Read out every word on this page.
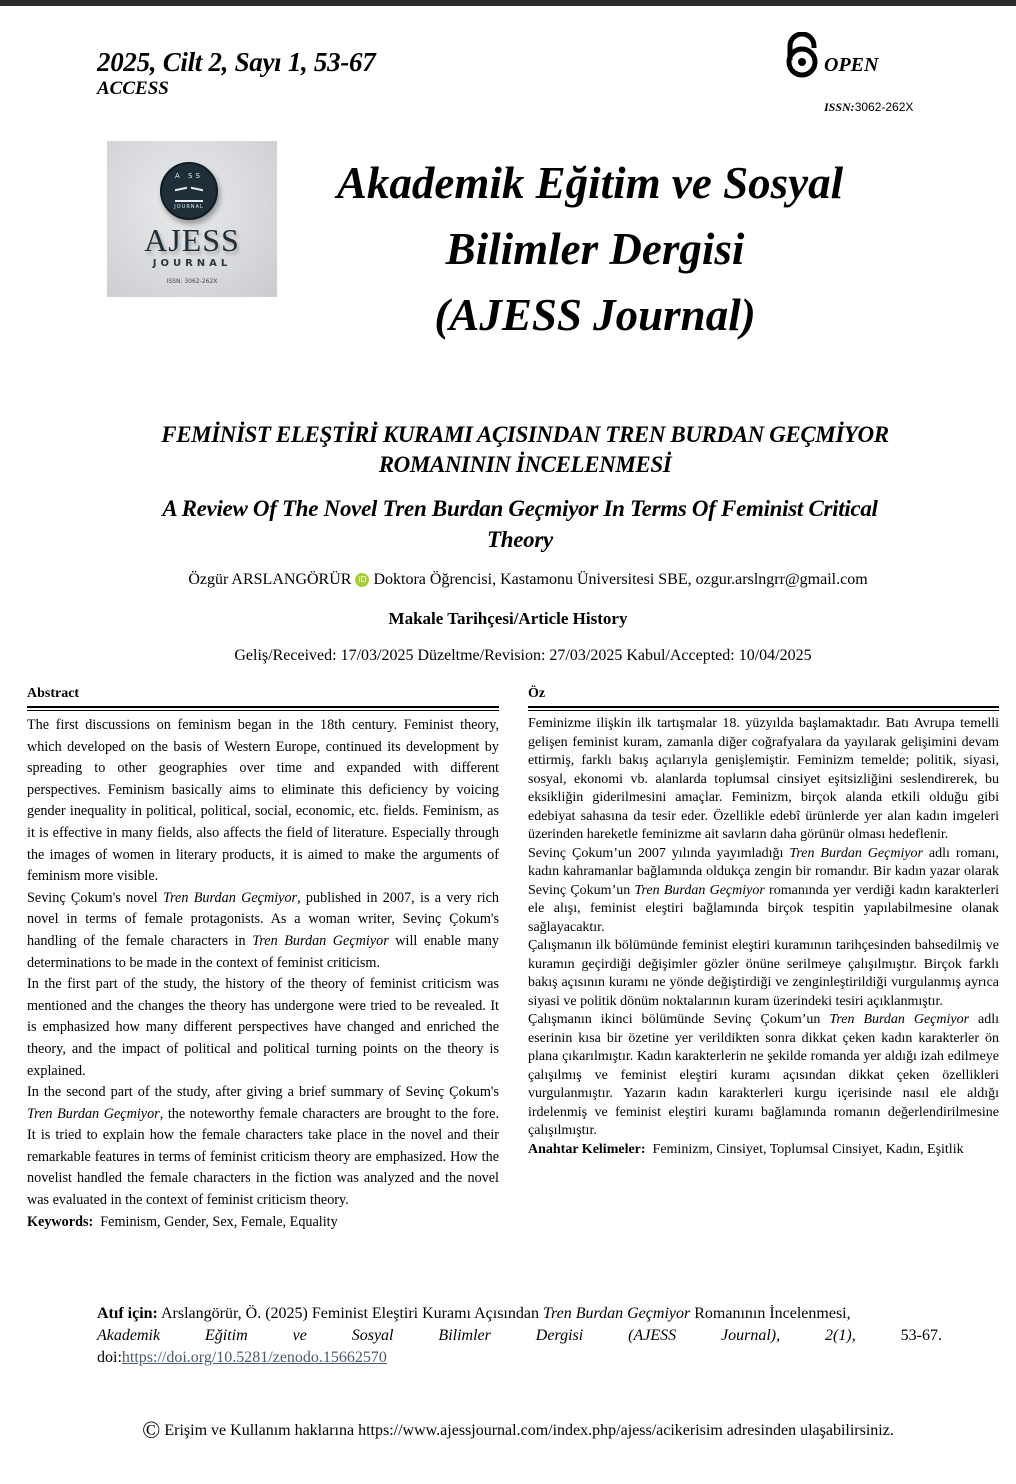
2025, Cilt 2, Sayı 1, 53-67
ACCESS
OPEN
ISSN:3062-262X
A SS
JOURNAL
AJESS
JOURNAL
ISSN: 3062-262X
Akademik Eğitim ve Sosyal
Bilimler Dergisi
(AJESS Journal)
FEMİNİST ELEŞTİRİ KURAMI AÇISINDAN TREN BURDAN GEÇMİYOR
ROMANININ İNCELENMESİ
A Review Of The Novel Tren Burdan Geçmiyor In Terms Of Feminist Critical
Theory
Özgür ARSLANGÖRÜR iD Doktora Öğrencisi, Kastamonu Üniversitesi SBE, ozgur.arslngrr@gmail.com
Makale Tarihçesi/Article History
Geliş/Received: 17/03/2025 Düzeltme/Revision: 27/03/2025 Kabul/Accepted: 10/04/2025
Abstract

The first discussions on feminism began in the 18th century. Feminist theory, which developed on the basis of Western Europe, continued its development by spreading to other geographies over time and expanded with different perspectives. Feminism basically aims to eliminate this deficiency by voicing gender inequality in political, political, social, economic, etc. fields. Feminism, as it is effective in many fields, also affects the field of literature. Especially through the images of women in literary products, it is aimed to make the arguments of feminism more visible.

Sevinç Çokum's novel Tren Burdan Geçmiyor, published in 2007, is a very rich novel in terms of female protagonists. As a woman writer, Sevinç Çokum's handling of the female characters in Tren Burdan Geçmiyor will enable many determinations to be made in the context of feminist criticism.

In the first part of the study, the history of the theory of feminist criticism was mentioned and the changes the theory has undergone were tried to be revealed. It is emphasized how many different perspectives have changed and enriched the theory, and the impact of political and political turning points on the theory is explained.

In the second part of the study, after giving a brief summary of Sevinç Çokum's Tren Burdan Geçmiyor, the noteworthy female characters are brought to the fore. It is tried to explain how the female characters take place in the novel and their remarkable features in terms of feminist criticism theory are emphasized. How the novelist handled the female characters in the fiction was analyzed and the novel was evaluated in the context of feminist criticism theory.

Keywords: Feminism, Gender, Sex, Female, Equality

Öz

Feminizme ilişkin ilk tartışmalar 18. yüzyılda başlamaktadır. Batı Avrupa temelli gelişen feminist kuram, zamanla diğer coğrafyalara da yayılarak gelişimini devam ettirmiş, farklı bakış açılarıyla genişlemiştir. Feminizm temelde; politik, siyasi, sosyal, ekonomi vb. alanlarda toplumsal cinsiyet eşitsizliğini seslendirerek, bu eksikliğin giderilmesini amaçlar. Feminizm, birçok alanda etkili olduğu gibi edebiyat sahasına da tesir eder. Özellikle edebî ürünlerde yer alan kadın imgeleri üzerinden hareketle feminizme ait savların daha görünür olması hedeflenir.

Sevinç Çokum’un 2007 yılında yayımladığı Tren Burdan Geçmiyor adlı romanı, kadın kahramanlar bağlamında oldukça zengin bir romandır. Bir kadın yazar olarak Sevinç Çokum’un Tren Burdan Geçmiyor romanında yer verdiği kadın karakterleri ele alışı, feminist eleştiri bağlamında birçok tespitin yapılabilmesine olanak sağlayacaktır.

Çalışmanın ilk bölümünde feminist eleştiri kuramının tarihçesinden bahsedilmiş ve kuramın geçirdiği değişimler gözler önüne serilmeye çalışılmıştır. Birçok farklı bakış açısının kuramı ne yönde değiştirdiği ve zenginleştirildiği vurgulanmış ayrıca siyasi ve politik dönüm noktalarının kuram üzerindeki tesiri açıklanmıştır.

Çalışmanın ikinci bölümünde Sevinç Çokum’un Tren Burdan Geçmiyor adlı eserinin kısa bir özetine yer verildikten sonra dikkat çeken kadın karakterler ön plana çıkarılmıştır. Kadın karakterlerin ne şekilde romanda yer aldığı izah edilmeye çalışılmış ve feminist eleştiri kuramı açısından dikkat çeken özellikleri vurgulanmıştır. Yazarın kadın karakterleri kurgu içerisinde nasıl ele aldığı irdelenmiş ve feminist eleştiri kuramı bağlamında romanın değerlendirilmesine çalışılmıştır.

Anahtar Kelimeler: Feminizm, Cinsiyet, Toplumsal Cinsiyet, Kadın, Eşitlik

Atıf için: Arslangörür, Ö. (2025) Feminist Eleştiri Kuramı Açısından Tren Burdan Geçmiyor Romanının İncelenmesi,
Akademik	Eğitim	ve	Sosyal	Bilimler	Dergisi	(AJESS	Journal),	2(1),	53-67.
doi:https://doi.org/10.5281/zenodo.15662570
© Erişim ve Kullanım haklarına https://www.ajessjournal.com/index.php/ajess/acikerisim adresinden ulaşabilirsiniz.
